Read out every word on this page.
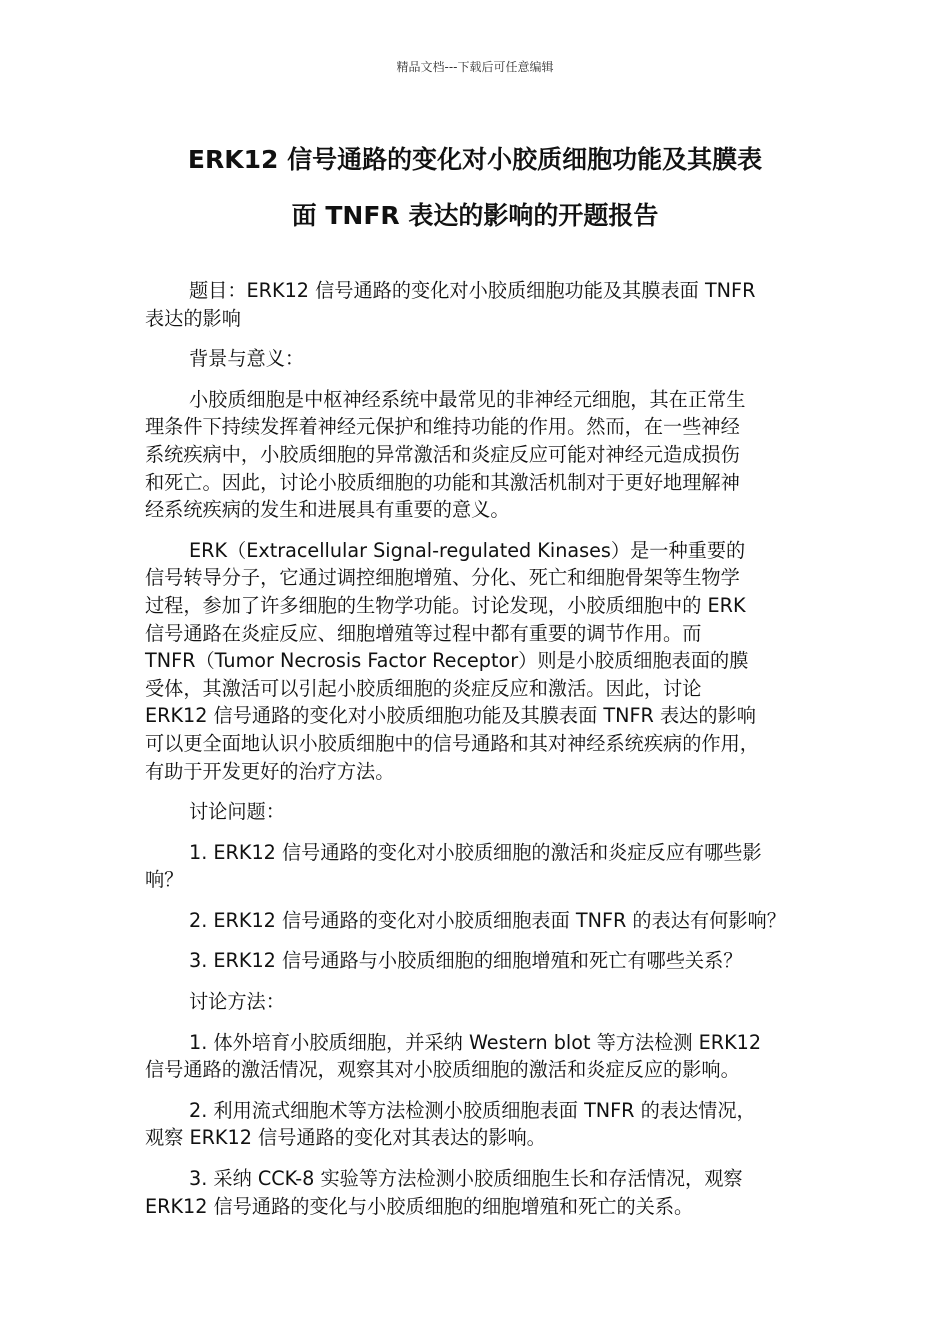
精品文档---下载后可任意编辑
ERK12 信号通路的变化对小胶质细胞功能及其膜表
面 TNFR 表达的影响的开题报告
题目：ERK12 信号通路的变化对小胶质细胞功能及其膜表面 TNFR
表达的影响
背景与意义：
小胶质细胞是中枢神经系统中最常见的非神经元细胞，其在正常生
理条件下持续发挥着神经元保护和维持功能的作用。然而，在一些神经
系统疾病中，小胶质细胞的异常激活和炎症反应可能对神经元造成损伤
和死亡。因此，讨论小胶质细胞的功能和其激活机制对于更好地理解神
经系统疾病的发生和进展具有重要的意义。
ERK（Extracellular Signal-regulated Kinases）是一种重要的
信号转导分子，它通过调控细胞增殖、分化、死亡和细胞骨架等生物学
过程，参加了许多细胞的生物学功能。讨论发现，小胶质细胞中的 ERK
信号通路在炎症反应、细胞增殖等过程中都有重要的调节作用。而
TNFR（Tumor Necrosis Factor Receptor）则是小胶质细胞表面的膜
受体，其激活可以引起小胶质细胞的炎症反应和激活。因此，讨论
ERK12 信号通路的变化对小胶质细胞功能及其膜表面 TNFR 表达的影响
可以更全面地认识小胶质细胞中的信号通路和其对神经系统疾病的作用，
有助于开发更好的治疗方法。
讨论问题：
1. ERK12 信号通路的变化对小胶质细胞的激活和炎症反应有哪些影
响？
2. ERK12 信号通路的变化对小胶质细胞表面 TNFR 的表达有何影响？
3. ERK12 信号通路与小胶质细胞的细胞增殖和死亡有哪些关系？
讨论方法：
1. 体外培育小胶质细胞，并采纳 Western blot 等方法检测 ERK12
信号通路的激活情况，观察其对小胶质细胞的激活和炎症反应的影响。
2. 利用流式细胞术等方法检测小胶质细胞表面 TNFR 的表达情况，
观察 ERK12 信号通路的变化对其表达的影响。
3. 采纳 CCK-8 实验等方法检测小胶质细胞生长和存活情况，观察
ERK12 信号通路的变化与小胶质细胞的细胞增殖和死亡的关系。
